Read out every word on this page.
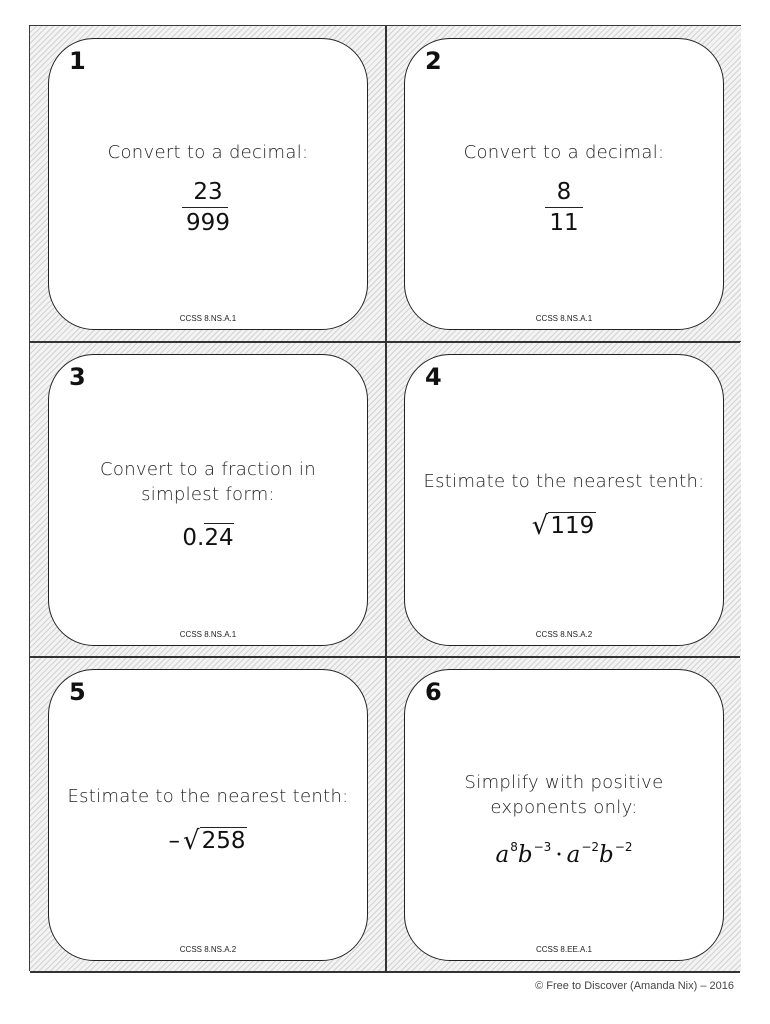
1
Convert to a decimal:
$\frac{23}{999}$
CCSS 8.NS.A.1
2
Convert to a decimal:
$\frac{8}{11}$
CCSS 8.NS.A.1
3
Convert to a fraction in
simplest form:
0.24
CCSS 8.NS.A.1
4
Estimate to the nearest tenth:
√ 119
CCSS 8.NS.A.2
5
Estimate to the nearest tenth:
– √ 258
CCSS 8.NS.A.2
6
Simplify with positive
exponents only:
$a^8b^{-3} \cdot a^{-2}b^{-2}$
CCSS 8.EE.A.1
© Free to Discover (Amanda Nix) – 2016
